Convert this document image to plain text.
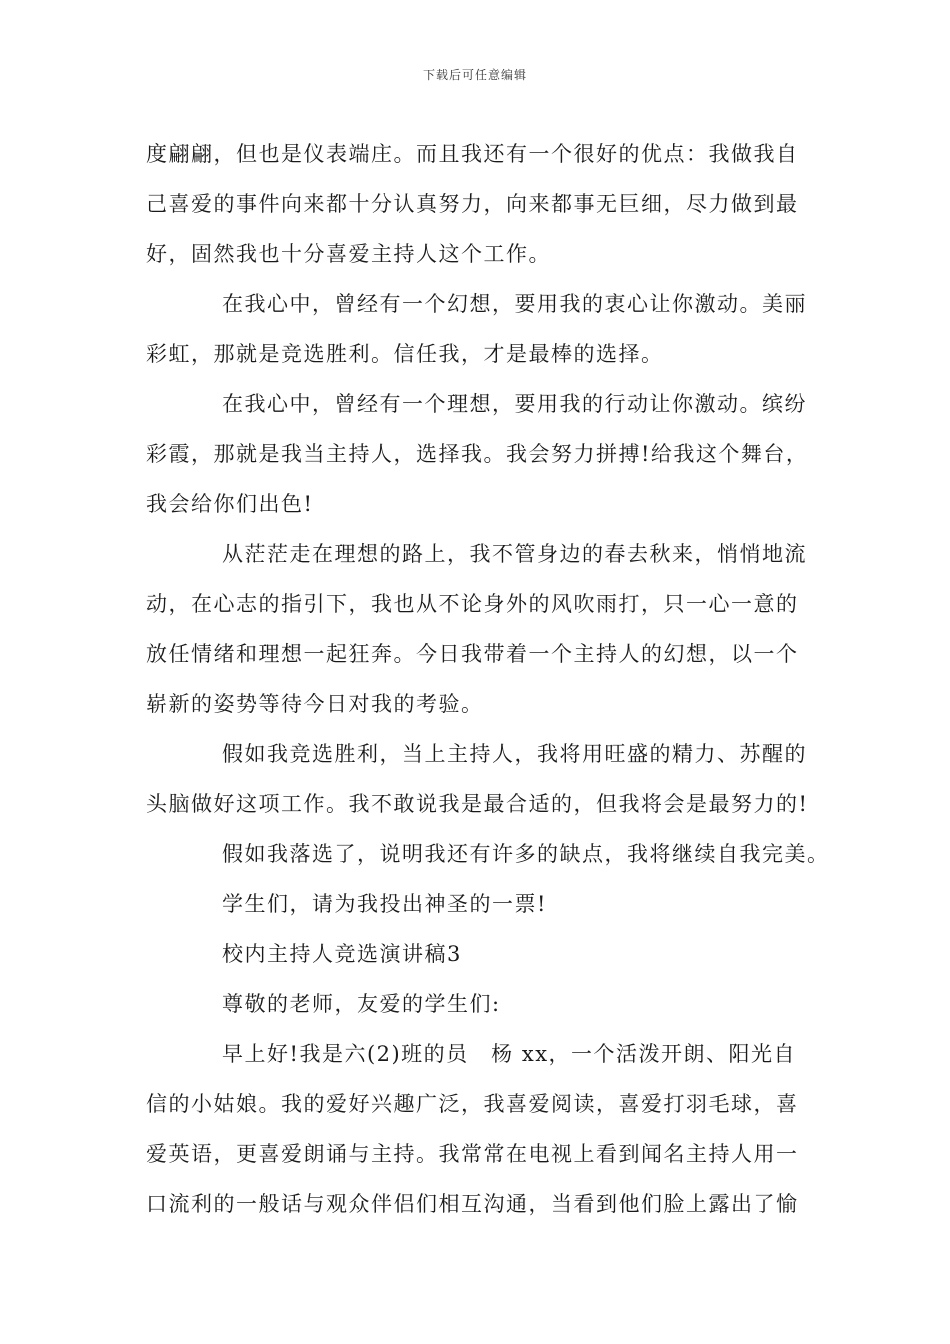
下载后可任意编辑
度翩翩，但也是仪表端庄。而且我还有一个很好的优点：我做我自
己喜爱的事件向来都十分认真努力，向来都事无巨细，尽力做到最
好，固然我也十分喜爱主持人这个工作。
在我心中，曾经有一个幻想，要用我的衷心让你激动。美丽
彩虹，那就是竞选胜利。信任我，才是最棒的选择。
在我心中，曾经有一个理想，要用我的行动让你激动。缤纷
彩霞，那就是我当主持人，选择我。我会努力拼搏!给我这个舞台，
我会给你们出色!
从茫茫走在理想的路上，我不管身边的春去秋来，悄悄地流
动，在心志的指引下，我也从不论身外的风吹雨打，只一心一意的
放任情绪和理想一起狂奔。今日我带着一个主持人的幻想，以一个
崭新的姿势等待今日对我的考验。
假如我竞选胜利，当上主持人，我将用旺盛的精力、苏醒的
头脑做好这项工作。我不敢说我是最合适的，但我将会是最努力的!
假如我落选了，说明我还有许多的缺点，我将继续自我完美。
学生们，请为我投出神圣的一票!
校内主持人竞选演讲稿3
尊敬的老师，友爱的学生们:
早上好!我是六(2)班的员　杨 xx，一个活泼开朗、阳光自
信的小姑娘。我的爱好兴趣广泛，我喜爱阅读，喜爱打羽毛球，喜
爱英语，更喜爱朗诵与主持。我常常在电视上看到闻名主持人用一
口流利的一般话与观众伴侣们相互沟通，当看到他们脸上露出了愉
